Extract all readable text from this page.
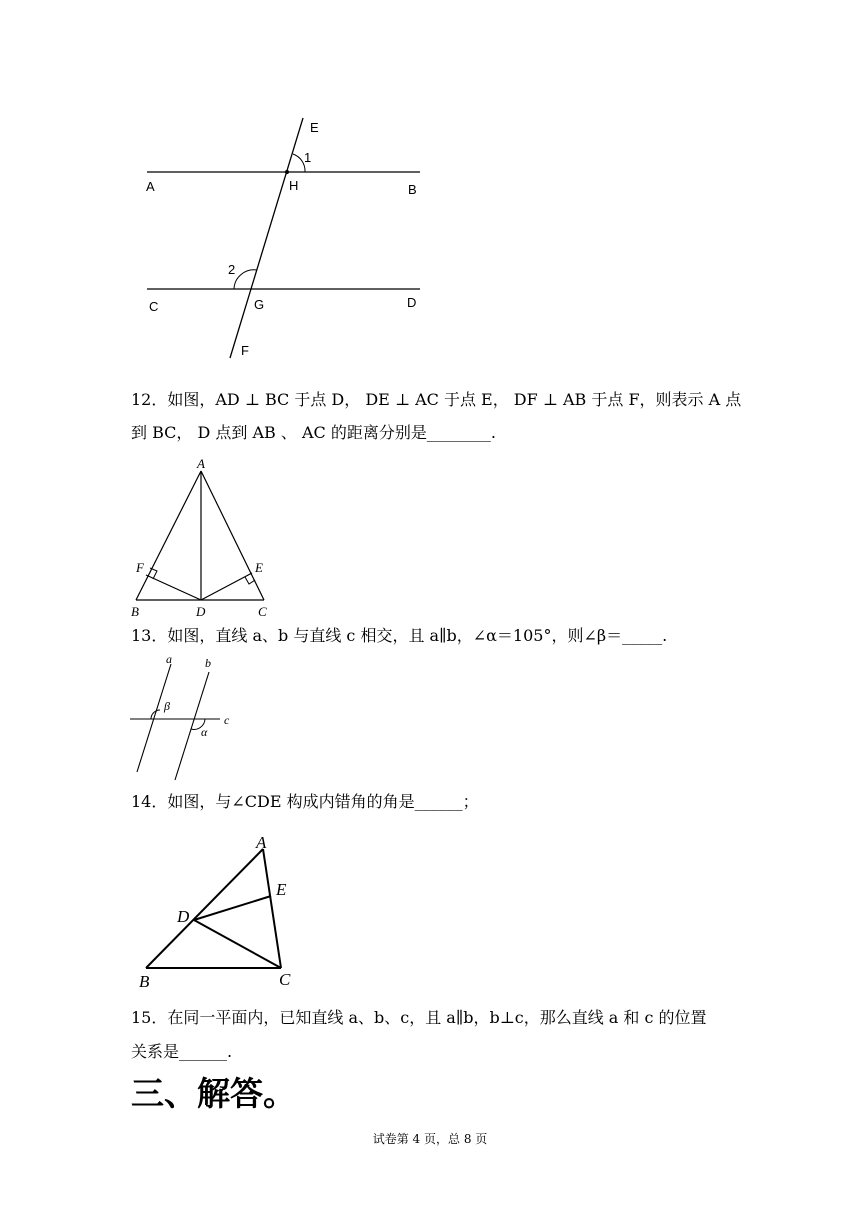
E
1
A	H	B
2
C	G	D
F
12．如图，AD ⊥ BC 于点 D， DE ⊥ AC 于点 E， DF ⊥ AB 于点 F，则表示 A 点
到 BC， D 点到 AB 、 AC 的距离分别是________.
A
F	E
B	D	C
13．如图，直线 a、b 与直线 c 相交，且 a∥b，∠α＝105°，则∠β＝_____.
a	b
β
c
α
14．如图，与∠CDE 构成内错角的角是______；
A
E
D
B	C
15．在同一平面内，已知直线 a、b、c，且 a∥b，b⊥c，那么直线 a 和 c 的位置
关系是______.
三、解答。
试卷第 4 页，总 8 页
